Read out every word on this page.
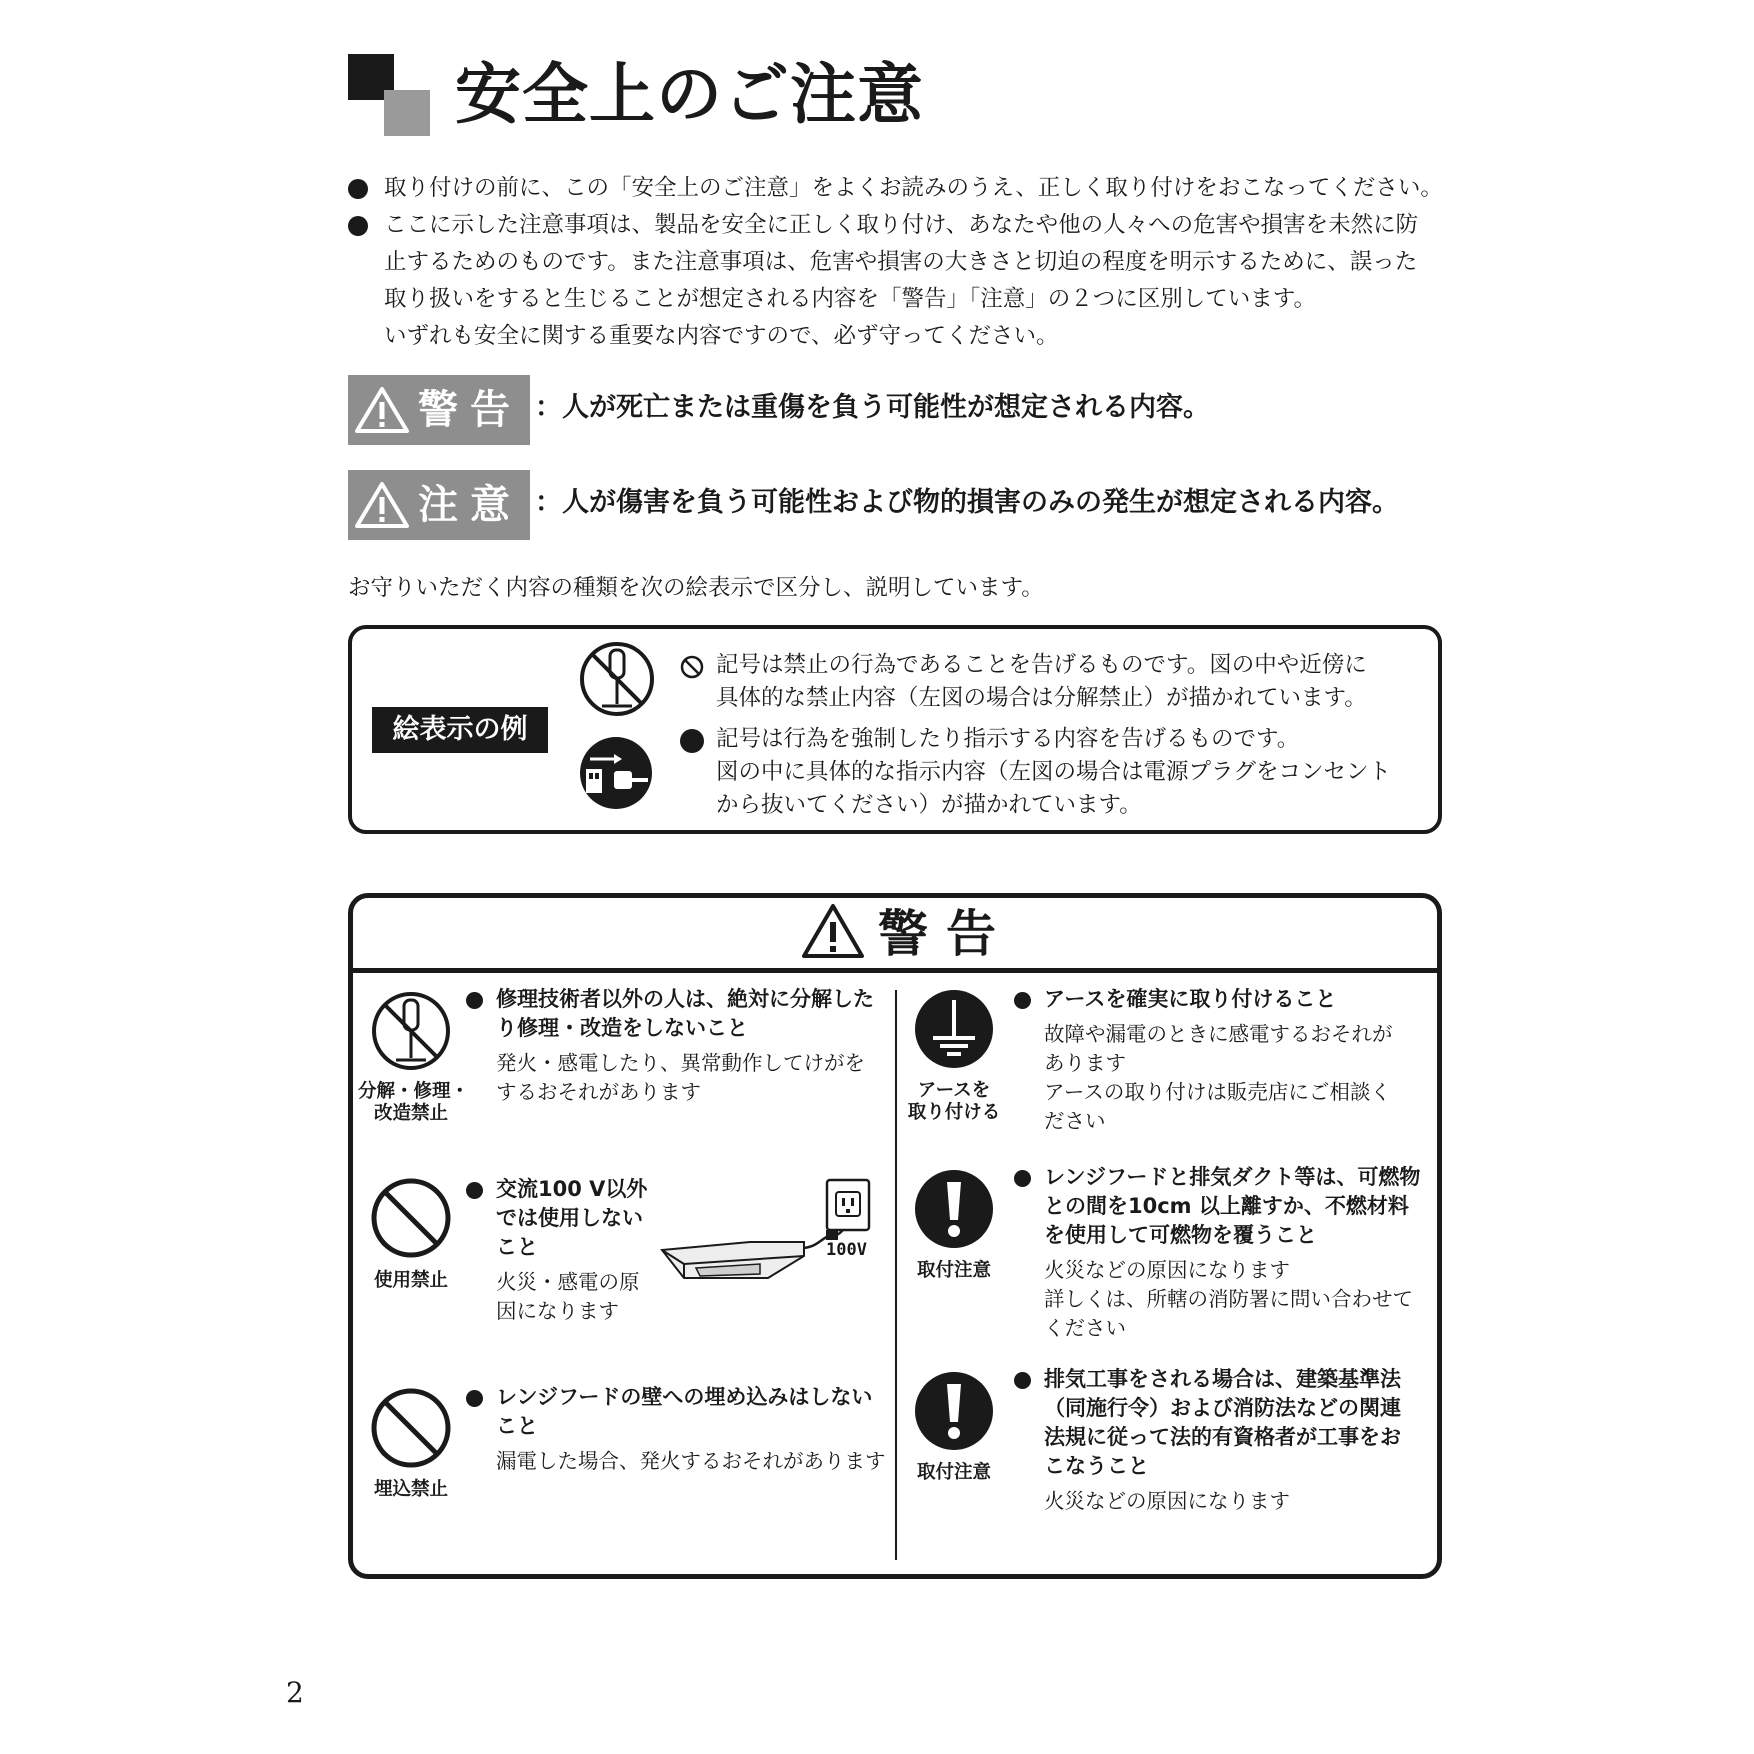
安全上のご注意
取り付けの前に、この「安全上のご注意」をよくお読みのうえ、正しく取り付けをおこなってください。
ここに示した注意事項は、製品を安全に正しく取り付け、あなたや他の人々への危害や損害を未然に防
止するためのものです。また注意事項は、危害や損害の大きさと切迫の程度を明示するために、誤った
取り扱いをすると生じることが想定される内容を「警告」「注意」の２つに区別しています。
いずれも安全に関する重要な内容ですので、必ず守ってください。
警告 ：人が死亡または重傷を負う可能性が想定される内容。
注意 ：人が傷害を負う可能性および物的損害のみの発生が想定される内容。
お守りいただく内容の種類を次の絵表示で区分し、説明しています。
絵表示の例
記号は禁止の行為であることを告げるものです。図の中や近傍に
具体的な禁止内容（左図の場合は分解禁止）が描かれています。
記号は行為を強制したり指示する内容を告げるものです。
図の中に具体的な指示内容（左図の場合は電源プラグをコンセント
から抜いてください）が描かれています。
警告
分解・修理・
改造禁止
修理技術者以外の人は、絶対に分解した
り修理・改造をしないこと
発火・感電したり、異常動作してけがを
するおそれがあります
使用禁止
交流100 V以外
では使用しない
こと
火災・感電の原
因になります
100V
埋込禁止
レンジフードの壁への埋め込みはしない
こと
漏電した場合、発火するおそれがあります
アースを
取り付ける
アースを確実に取り付けること
故障や漏電のときに感電するおそれが
あります
アースの取り付けは販売店にご相談く
ださい
取付注意
レンジフードと排気ダクト等は、可燃物
との間を10cm 以上離すか、不燃材料
を使用して可燃物を覆うこと
火災などの原因になります
詳しくは、所轄の消防署に問い合わせて
ください
取付注意
排気工事をされる場合は、建築基準法
（同施行令）および消防法などの関連
法規に従って法的有資格者が工事をお
こなうこと
火災などの原因になります
2
